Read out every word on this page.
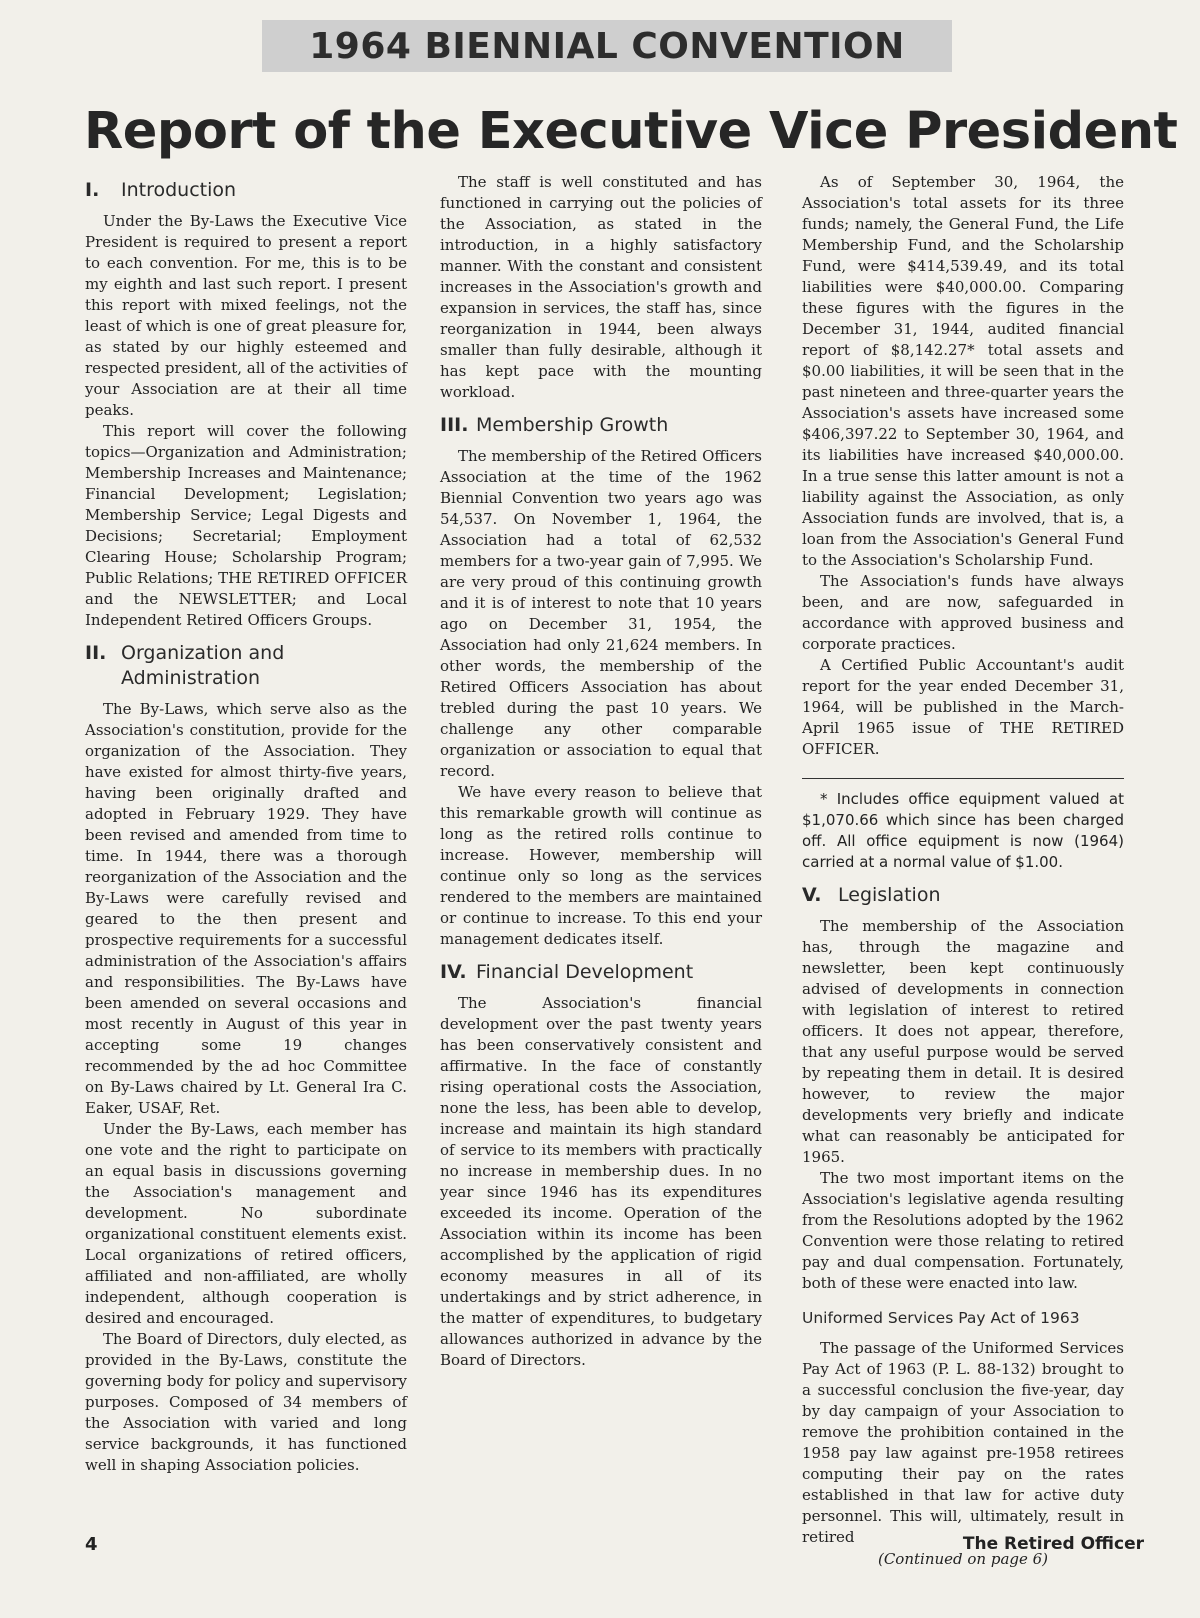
1964 BIENNIAL CONVENTION
Report of the Executive Vice President
I. Introduction

Under the By-Laws the Executive Vice President is required to present a report to each convention. For me, this is to be my eighth and last such report. I present this report with mixed feelings, not the least of which is one of great pleasure for, as stated by our highly esteemed and respected president, all of the activities of your Association are at their all time peaks.

This report will cover the following topics—Organization and Administration; Membership Increases and Maintenance; Financial Development; Legislation; Membership Service; Legal Digests and Decisions; Secretarial; Employment Clearing House; Scholarship Program; Public Relations; THE RETIRED OFFICER and the NEWSLETTER; and Local Independent Retired Officers Groups.

II. Organization and
Administration

The By-Laws, which serve also as the Association's constitution, provide for the organization of the Association. They have existed for almost thirty-five years, having been originally drafted and adopted in February 1929. They have been revised and amended from time to time. In 1944, there was a thorough reorganization of the Association and the By-Laws were carefully revised and geared to the then present and prospective requirements for a successful administration of the Association's affairs and responsibilities. The By-Laws have been amended on several occasions and most recently in August of this year in accepting some 19 changes recommended by the ad hoc Committee on By-Laws chaired by Lt. General Ira C. Eaker, USAF, Ret.

Under the By-Laws, each member has one vote and the right to participate on an equal basis in discussions governing the Association's management and development. No subordinate organizational constituent elements exist. Local organizations of retired officers, affiliated and non-affiliated, are wholly independent, although cooperation is desired and encouraged.

The Board of Directors, duly elected, as provided in the By-Laws, constitute the governing body for policy and supervisory purposes. Composed of 34 members of the Association with varied and long service backgrounds, it has functioned well in shaping Association policies.

The staff is well constituted and has functioned in carrying out the policies of the Association, as stated in the introduction, in a highly satisfactory manner. With the constant and consistent increases in the Association's growth and expansion in services, the staff has, since reorganization in 1944, been always smaller than fully desirable, although it has kept pace with the mounting workload.

III. Membership Growth

The membership of the Retired Officers Association at the time of the 1962 Biennial Convention two years ago was 54,537. On November 1, 1964, the Association had a total of 62,532 members for a two-year gain of 7,995. We are very proud of this continuing growth and it is of interest to note that 10 years ago on December 31, 1954, the Association had only 21,624 members. In other words, the membership of the Retired Officers Association has about trebled during the past 10 years. We challenge any other comparable organization or association to equal that record.

We have every reason to believe that this remarkable growth will continue as long as the retired rolls continue to increase. However, membership will continue only so long as the services rendered to the members are maintained or continue to increase. To this end your management dedicates itself.

IV. Financial Development

The Association's financial development over the past twenty years has been conservatively consistent and affirmative. In the face of constantly rising operational costs the Association, none the less, has been able to develop, increase and maintain its high standard of service to its members with practically no increase in membership dues. In no year since 1946 has its expenditures exceeded its income. Operation of the Association within its income has been accomplished by the application of rigid economy measures in all of its undertakings and by strict adherence, in the matter of expenditures, to budgetary allowances authorized in advance by the Board of Directors.

As of September 30, 1964, the Association's total assets for its three funds; namely, the General Fund, the Life Membership Fund, and the Scholarship Fund, were $414,539.49, and its total liabilities were $40,000.00. Comparing these figures with the figures in the December 31, 1944, audited financial report of $8,142.27* total assets and $0.00 liabilities, it will be seen that in the past nineteen and three-quarter years the Association's assets have increased some $406,397.22 to September 30, 1964, and its liabilities have increased $40,000.00. In a true sense this latter amount is not a liability against the Association, as only Association funds are involved, that is, a loan from the Association's General Fund to the Association's Scholarship Fund.

The Association's funds have always been, and are now, safeguarded in accordance with approved business and corporate practices.

A Certified Public Accountant's audit report for the year ended December 31, 1964, will be published in the March-April 1965 issue of THE RETIRED OFFICER.

* Includes office equipment valued at $1,070.66 which since has been charged off. All office equipment is now (1964) carried at a normal value of $1.00.

V. Legislation

The membership of the Association has, through the magazine and newsletter, been kept continuously advised of developments in connection with legislation of interest to retired officers. It does not appear, therefore, that any useful purpose would be served by repeating them in detail. It is desired however, to review the major developments very briefly and indicate what can reasonably be anticipated for 1965.

The two most important items on the Association's legislative agenda resulting from the Resolutions adopted by the 1962 Convention were those relating to retired pay and dual compensation. Fortunately, both of these were enacted into law.

Uniformed Services Pay Act of 1963

The passage of the Uniformed Services Pay Act of 1963 (P. L. 88-132) brought to a successful conclusion the five-year, day by day campaign of your Association to remove the prohibition contained in the 1958 pay law against pre-1958 retirees computing their pay on the rates established in that law for active duty personnel. This will, ultimately, result in retired

(Continued on page 6)
4	The Retired Officer
